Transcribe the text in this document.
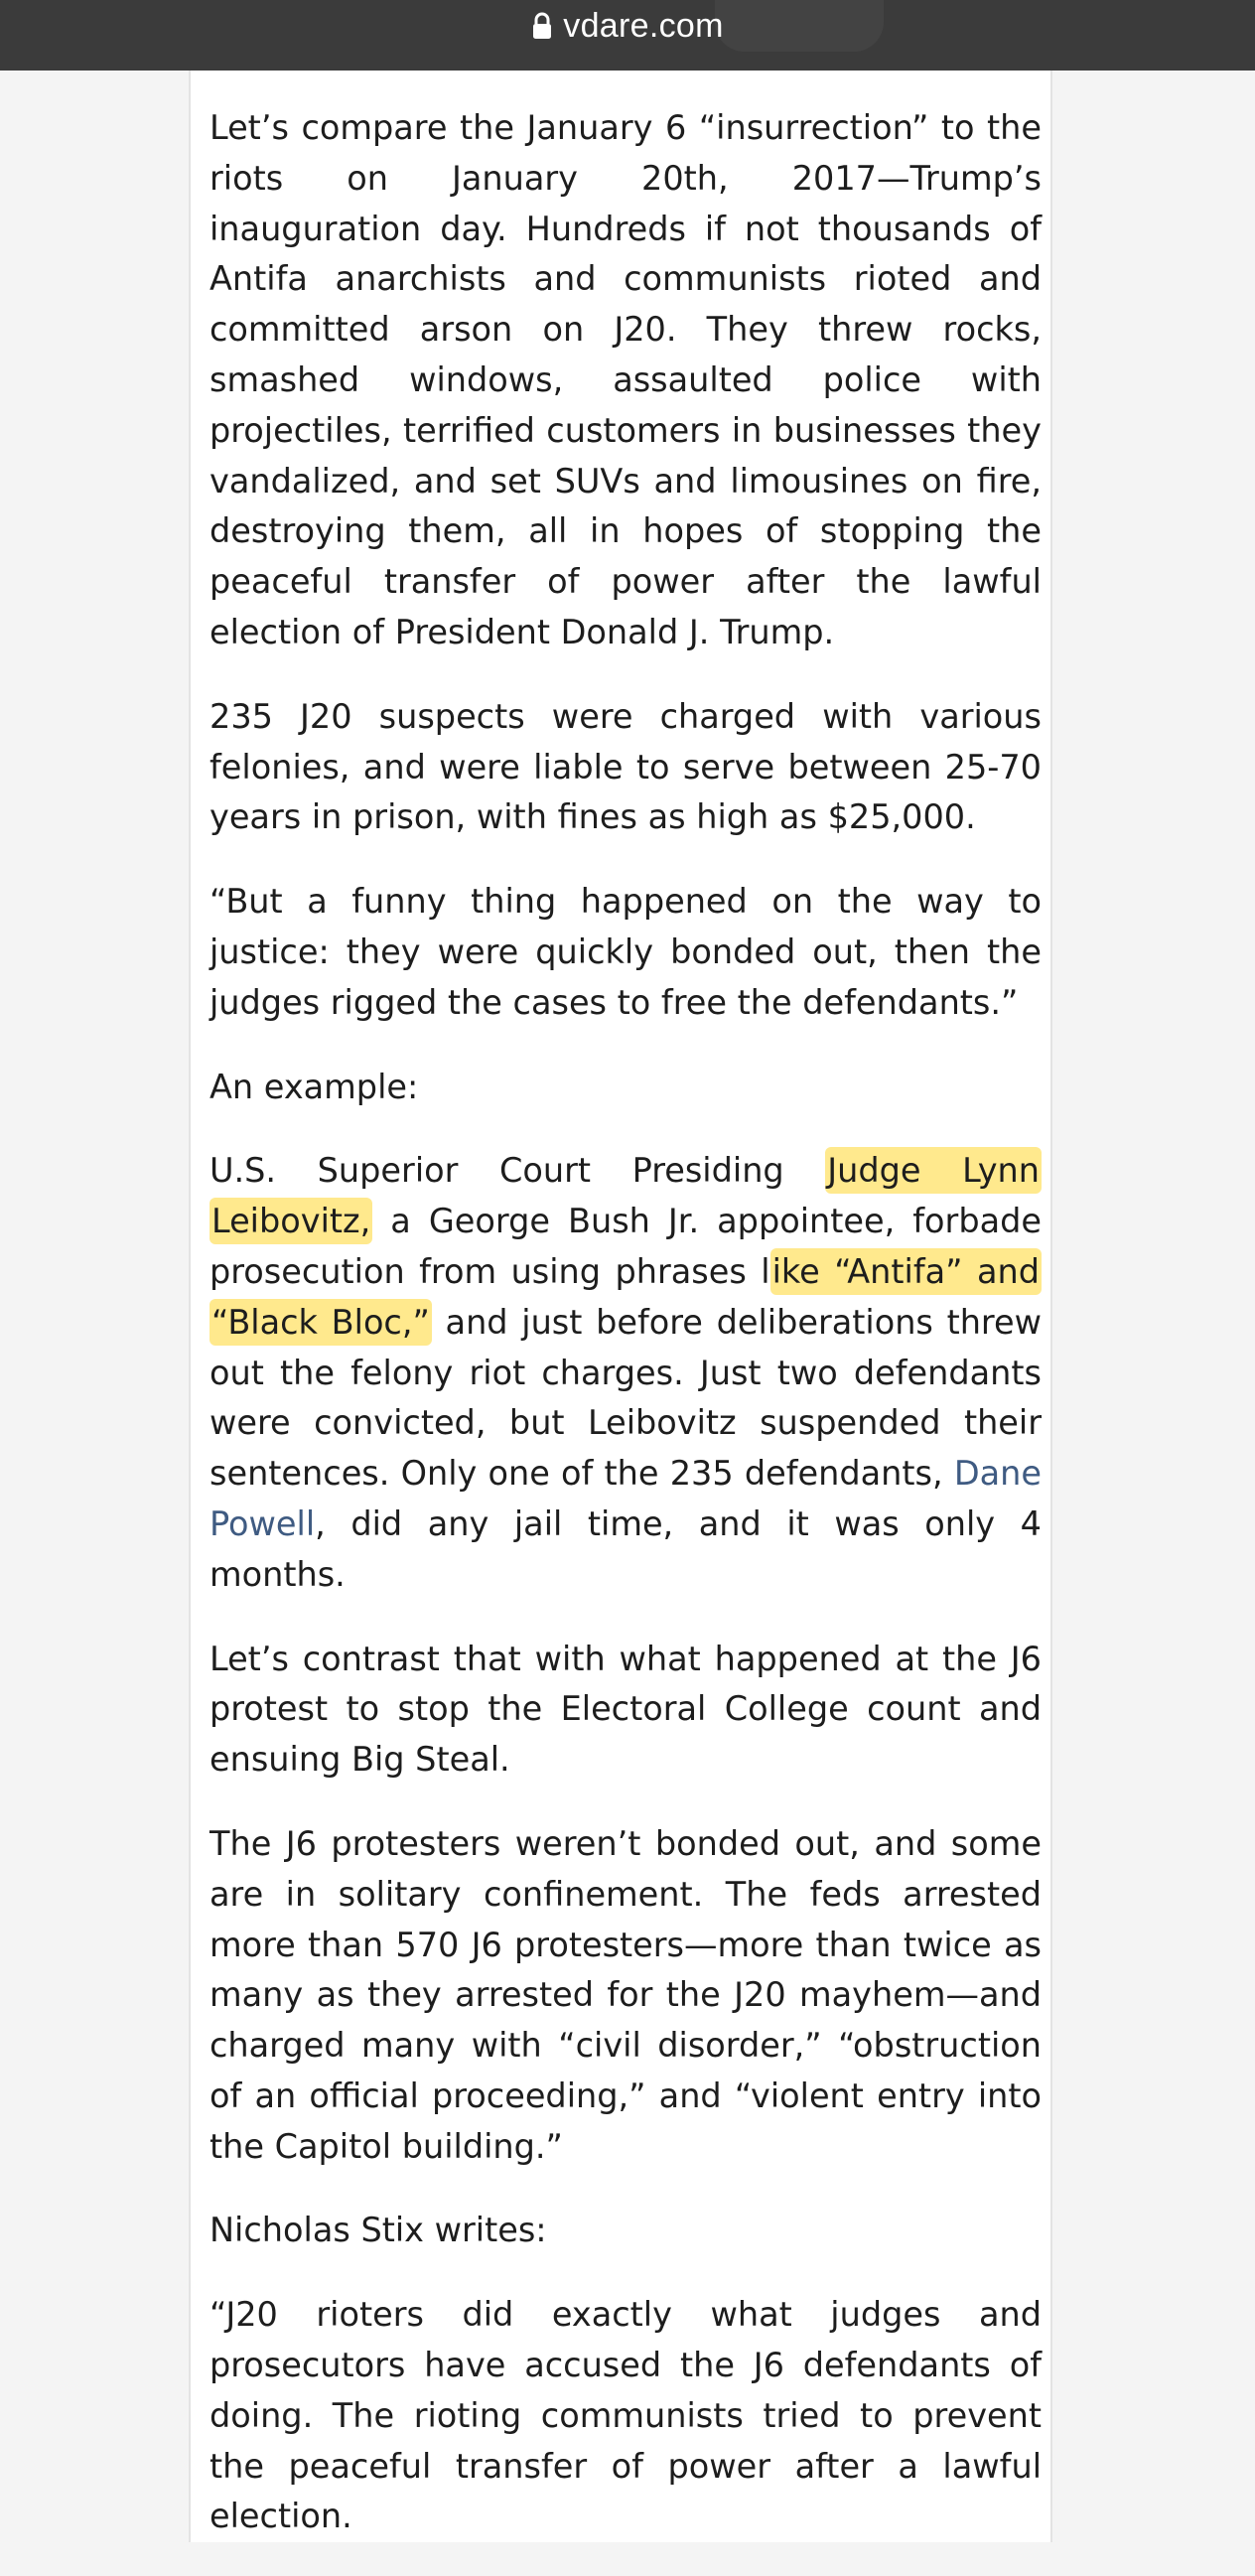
vdare.com

Let’s compare the January 6 “insurrection” to the riots on January 20th, 2017—Trump’s inauguration day. Hundreds if not thousands of Antifa anarchists and communists rioted and committed arson on J20. They threw rocks, smashed windows, assaulted police with projectiles, terrified customers in businesses they vandalized, and set SUVs and limousines on fire, destroying them, all in hopes of stopping the peaceful transfer of power after the lawful election of President Donald J. Trump.

235 J20 suspects were charged with various felonies, and were liable to serve between 25-70 years in prison, with fines as high as $25,000.

“But a funny thing happened on the way to justice: they were quickly bonded out, then the judges rigged the cases to free the defendants.”

An example:

U.S. Superior Court Presiding Judge Lynn Leibovitz, a George Bush Jr. appointee, forbade prosecution from using phrases like “Antifa” and “Black Bloc,” and just before deliberations threw out the felony riot charges. Just two defendants were convicted, but Leibovitz suspended their sentences. Only one of the 235 defendants, Dane Powell, did any jail time, and it was only 4 months.

Let’s contrast that with what happened at the J6 protest to stop the Electoral College count and ensuing Big Steal.

The J6 protesters weren’t bonded out, and some are in solitary confinement. The feds arrested more than 570 J6 protesters—more than twice as many as they arrested for the J20 mayhem—and charged many with “civil disorder,” “obstruction of an official proceeding,” and “violent entry into the Capitol building.”

Nicholas Stix writes:

“J20 rioters did exactly what judges and prosecutors have accused the J6 defendants of doing. The rioting communists tried to prevent the peaceful transfer of power after a lawful election.
